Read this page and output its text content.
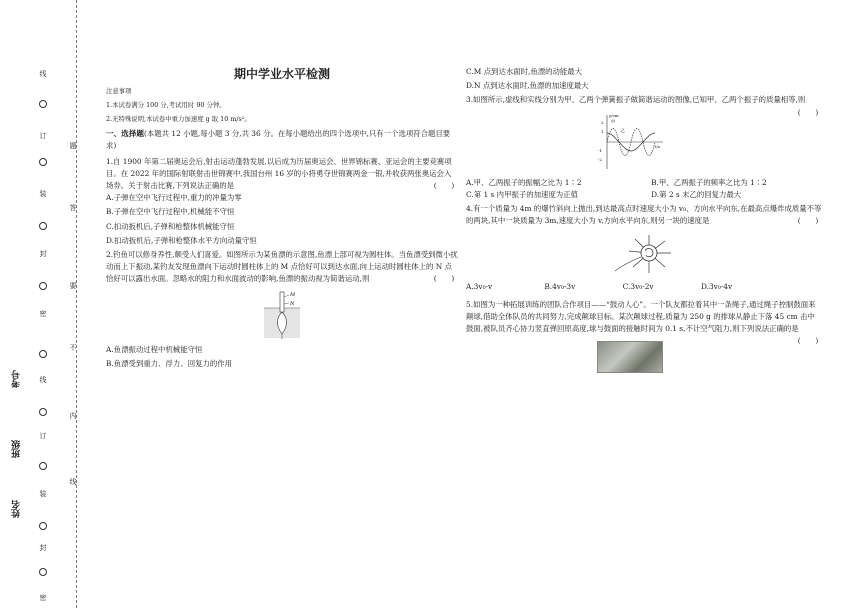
线
订
装
封
密
线
订
装
封
密
题
答
要
不
内
线
考号
班级
姓名
期中学业水平检测
注意事项
1.本试卷满分 100 分,考试用时 90 分钟。
2.无特殊说明,本试卷中重力加速度 g 取 10 m/s²。
一、选择题(本题共 12 小题,每小题 3 分,共 36 分。在每小题给出的四个选项中,只有一个选项符合题目要求)
1.自 1900 年第二届奥运会后,射击运动蓬勃发展,以后成为历届奥运会、世界锦标赛、亚运会的主要竞赛项目。在 2022 年的国际射联射击世锦赛中,我国台州 16 岁的小将勇夺世锦赛两金一银,并收获两张奥运会入场券。关于射击比赛,下列说法正确的是	(　　)
A.子弹在空中飞行过程中,重力的冲量为零
B.子弹在空中飞行过程中,机械能不守恒
C.扣动扳机后,子弹和枪整体机械能守恒
D.扣动扳机后,子弹和枪整体水平方向动量守恒
2.钓鱼可以修身养性,颇受人们喜爱。如图所示为某鱼漂的示意图,鱼漂上部可视为圆柱体。当鱼漂受到微小扰动而上下振动,某钓友发现鱼漂向下运动时圆柱体上的 M 点恰好可以到达水面,向上运动时圆柱体上的 N 点恰好可以露出水面。忽略水的阻力和水面波动的影响,鱼漂的振动视为简谐运动,则	(　　)
M
N
A.鱼漂振动过程中机械能守恒
B.鱼漂受到重力、浮力、回复力的作用
C.M 点到达水面时,鱼漂的动能最大
D.N 点到达水面时,鱼漂的加速度最大
3.如图所示,虚线和实线分别为甲、乙两个弹簧振子做简谐运动的图像,已知甲、乙两个振子的质量相等,则
(　　)
y/cm
t/s
2
1
-1
-2
甲
乙
A.甲、乙两振子的振幅之比为 1∶2	B.甲、乙两振子的频率之比为 1∶2
C.第 1 s 内甲振子的加速度为正值	D.第 2 s 末乙的回复力最大
4.有一个质量为 4m 的爆竹斜向上抛出,到达最高点时速度大小为 v₀、方向水平向东,在最高点爆炸成质量不等的两块,其中一块质量为 3m,速度大小为 v,方向水平向东,则另一块的速度是	(　　)
A.3v₀-v	B.4v₀-3v	C.3v₀-2v	D.3v₀-4v
5.如图为一种拓展训练的团队合作项目——“鼓动人心”。一个队友都拉着其中一条绳子,通过绳子控制鼓面来颠球,借助全体队员的共同努力,完成颠球目标。某次颠球过程,质量为 250 g 的排球从静止下落 45 cm 击中鼓面,被队员齐心协力竖直弹回原高度,球与鼓面的接触时间为 0.1 s,不计空气阻力,则下列说法正确的是
(　　)
